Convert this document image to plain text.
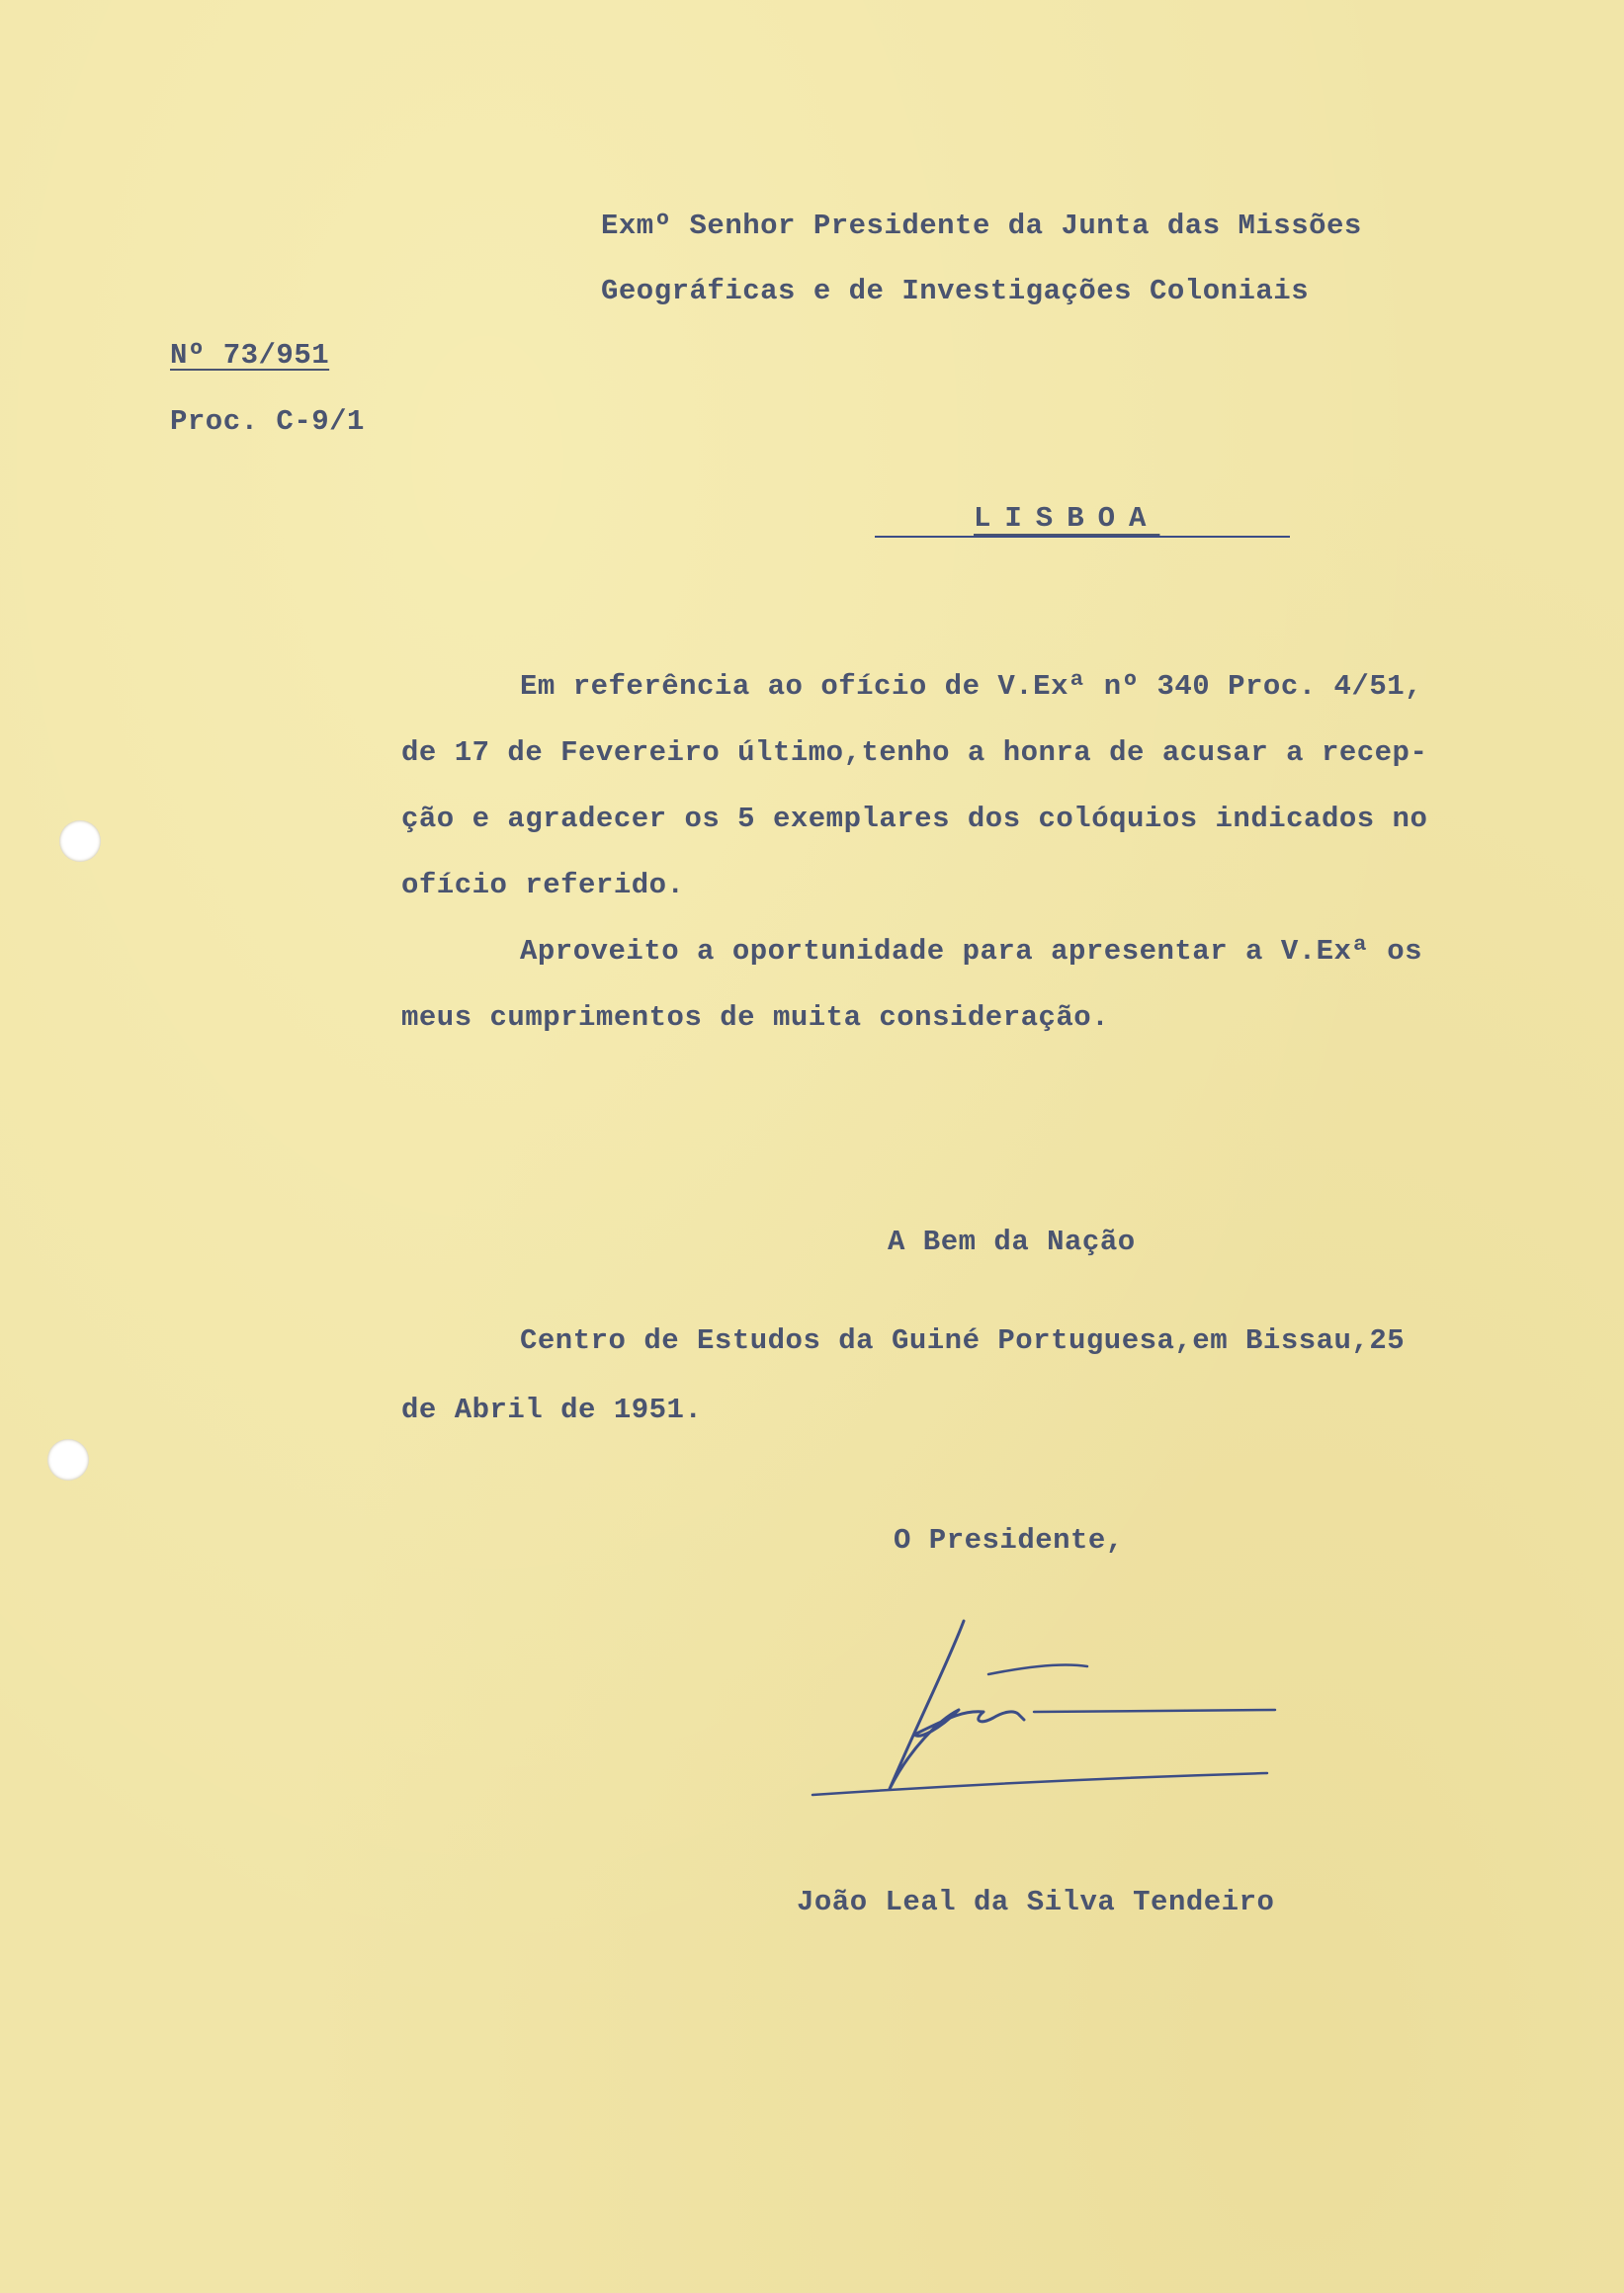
Exmº Senhor Presidente da Junta das Missões
Geográficas e de Investigações Coloniais
Nº 73/951
Proc. C-9/1
LISBOA
Em referência ao ofício de V.Exª nº 340 Proc. 4/51,
de 17 de Fevereiro último,tenho a honra de acusar a recep-
ção e agradecer os 5 exemplares dos colóquios indicados no
ofício referido.
Aproveito a oportunidade para apresentar a V.Exª os
meus cumprimentos de muita consideração.
A Bem da Nação
Centro de Estudos da Guiné Portuguesa,em Bissau,25
de Abril de 1951.
O Presidente,
João Leal da Silva Tendeiro
